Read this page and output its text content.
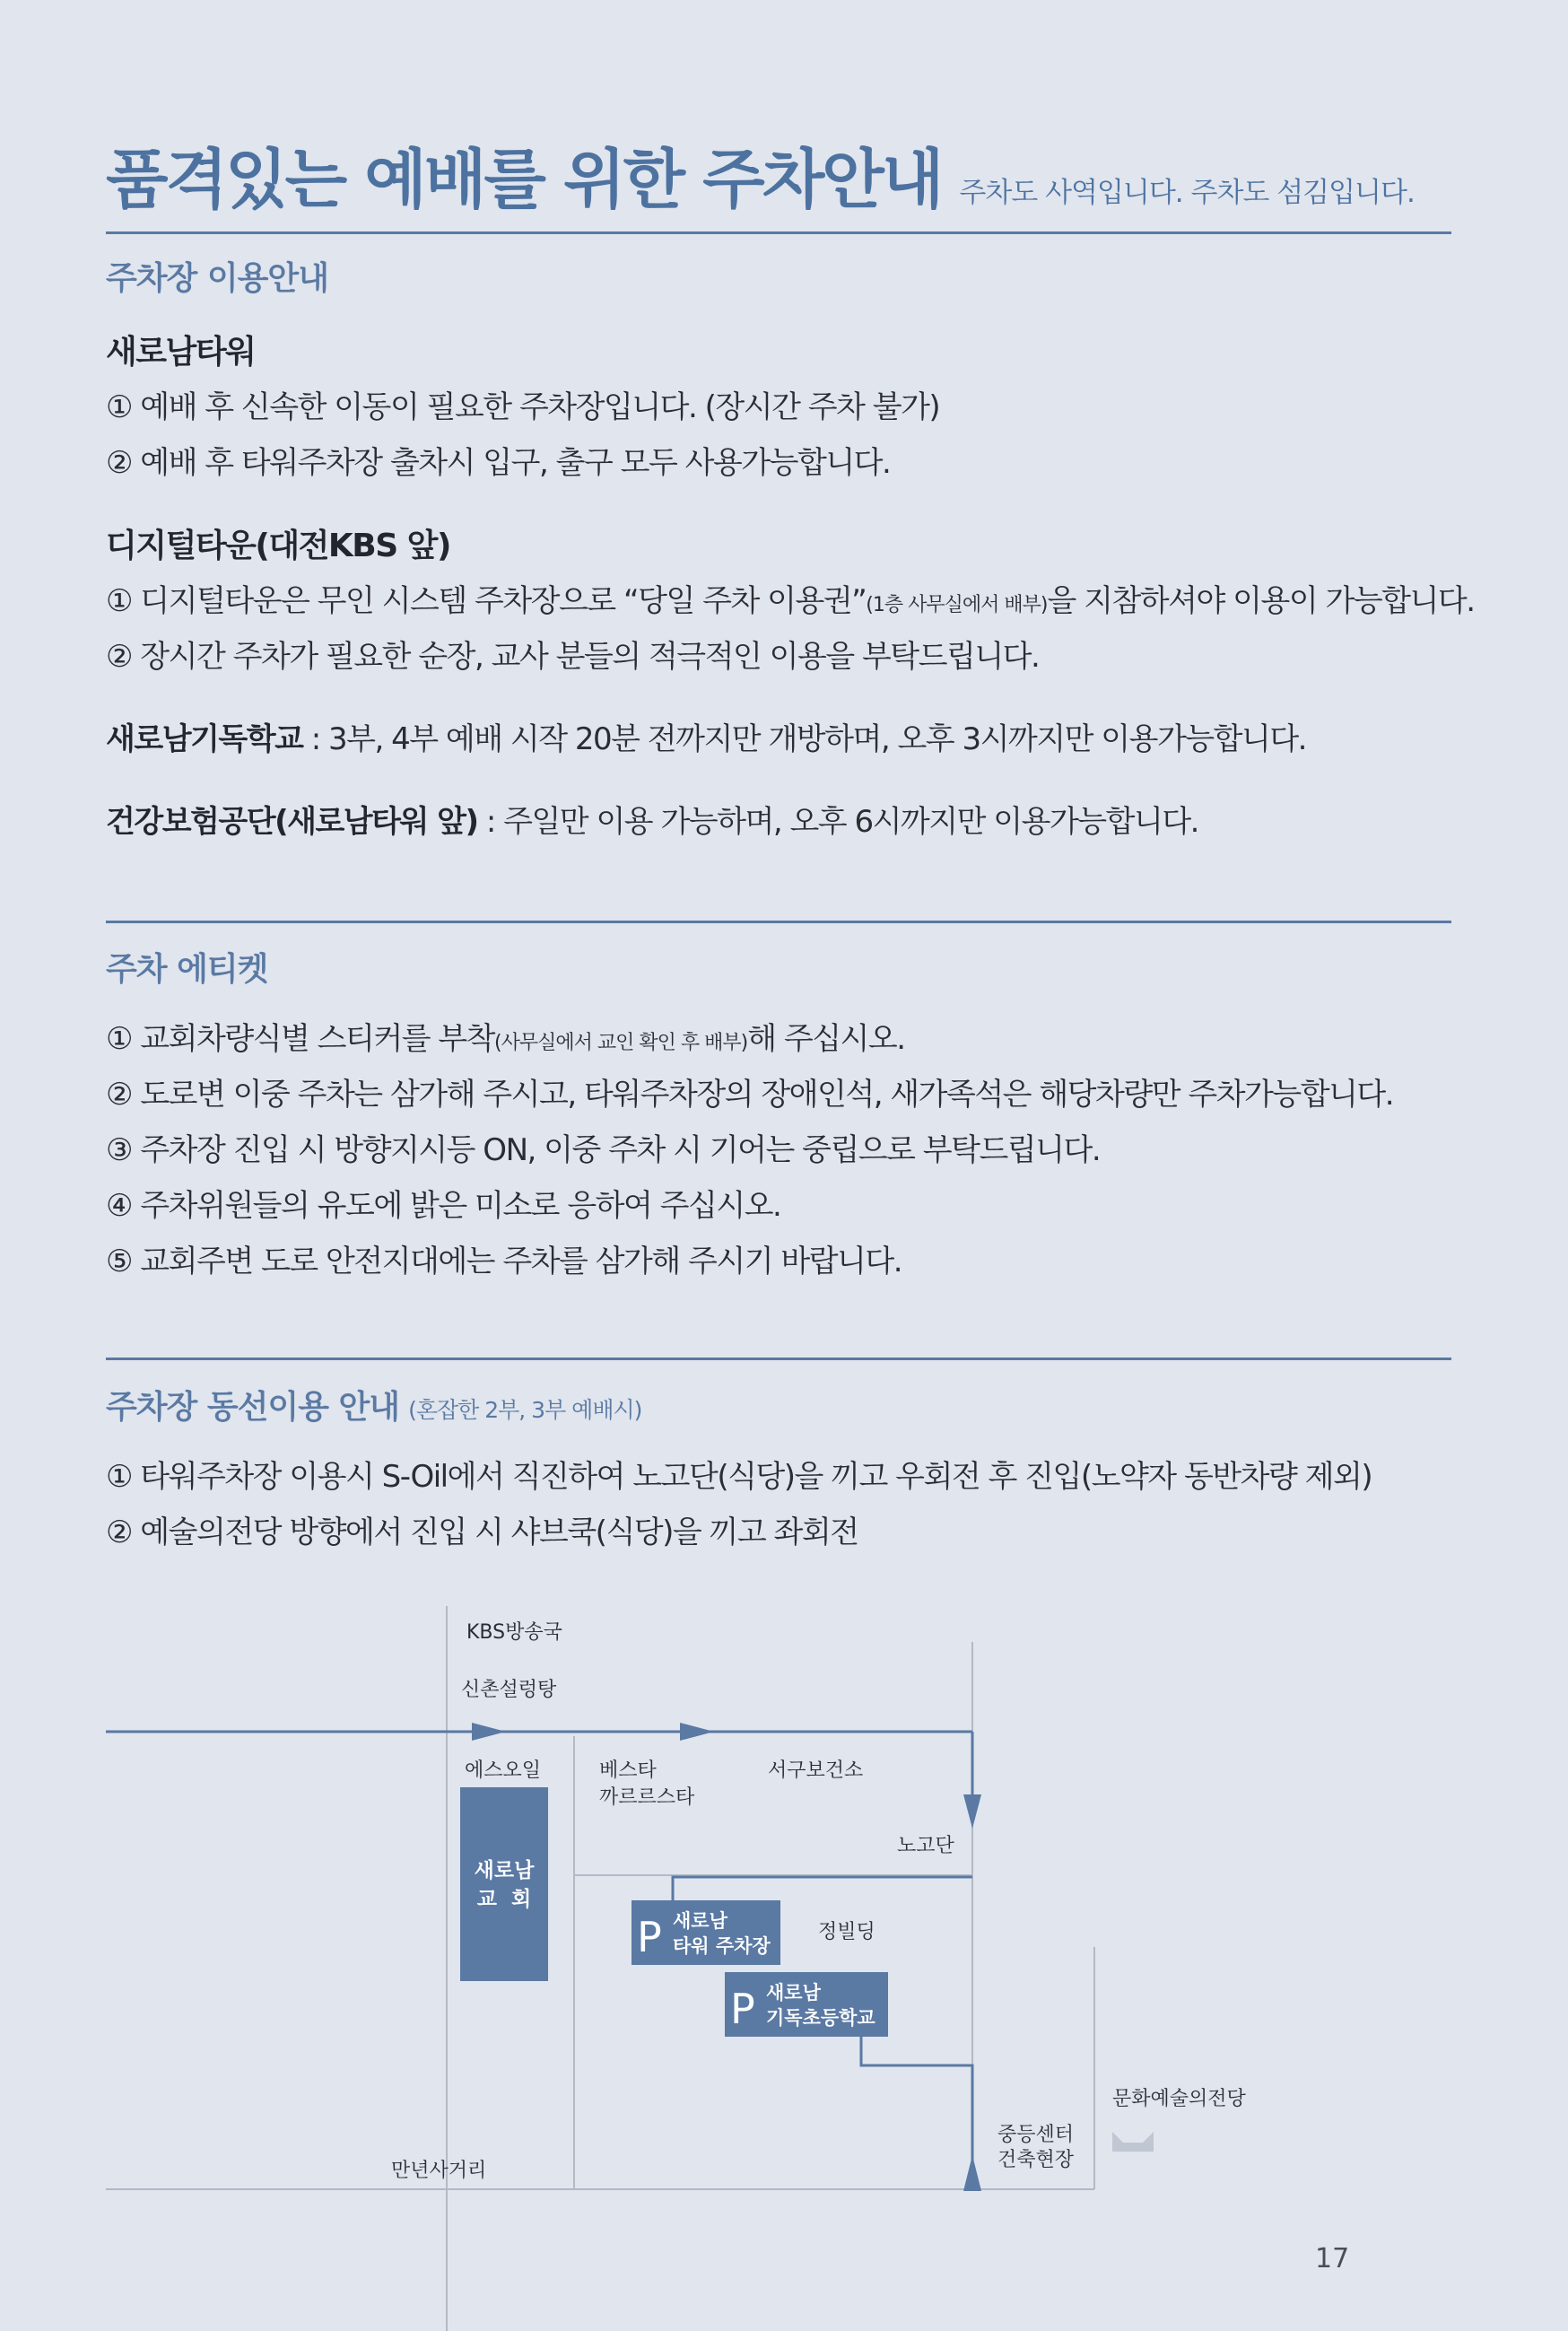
품격있는 예배를 위한 주차안내 주차도 사역입니다. 주차도 섬김입니다.
주차장 이용안내
새로남타워
① 예배 후 신속한 이동이 필요한 주차장입니다. (장시간 주차 불가)
② 예배 후 타워주차장 출차시 입구, 출구 모두 사용가능합니다.
디지털타운(대전KBS 앞)
① 디지털타운은 무인 시스템 주차장으로 “당일 주차 이용권”(1층 사무실에서 배부)을 지참하셔야 이용이 가능합니다.
② 장시간 주차가 필요한 순장, 교사 분들의 적극적인 이용을 부탁드립니다.
새로남기독학교 : 3부, 4부 예배 시작 20분 전까지만 개방하며, 오후 3시까지만 이용가능합니다.
건강보험공단(새로남타워 앞) : 주일만 이용 가능하며, 오후 6시까지만 이용가능합니다.
주차 에티켓
① 교회차량식별 스티커를 부착(사무실에서 교인 확인 후 배부)해 주십시오.
② 도로변 이중 주차는 삼가해 주시고, 타워주차장의 장애인석, 새가족석은 해당차량만 주차가능합니다.
③ 주차장 진입 시 방향지시등 ON, 이중 주차 시 기어는 중립으로 부탁드립니다.
④ 주차위원들의 유도에 밝은 미소로 응하여 주십시오.
⑤ 교회주변 도로 안전지대에는 주차를 삼가해 주시기 바랍니다.
주차장 동선이용 안내 (혼잡한 2부, 3부 예배시)
① 타워주차장 이용시 S-Oil에서 직진하여 노고단(식당)을 끼고 우회전 후 진입(노약자 동반차량 제외)
② 예술의전당 방향에서 진입 시 샤브쿡(식당)을 끼고 좌회전
KBS방송국
신촌설렁탕
에스오일	베스타
까르르스타
서구보건소
노고단
새로남
교  회
P 새로남
타워 주차장
정빌딩
P 새로남
기독초등학교
문화예술의전당
중등센터
건축현장
만년사거리
17
